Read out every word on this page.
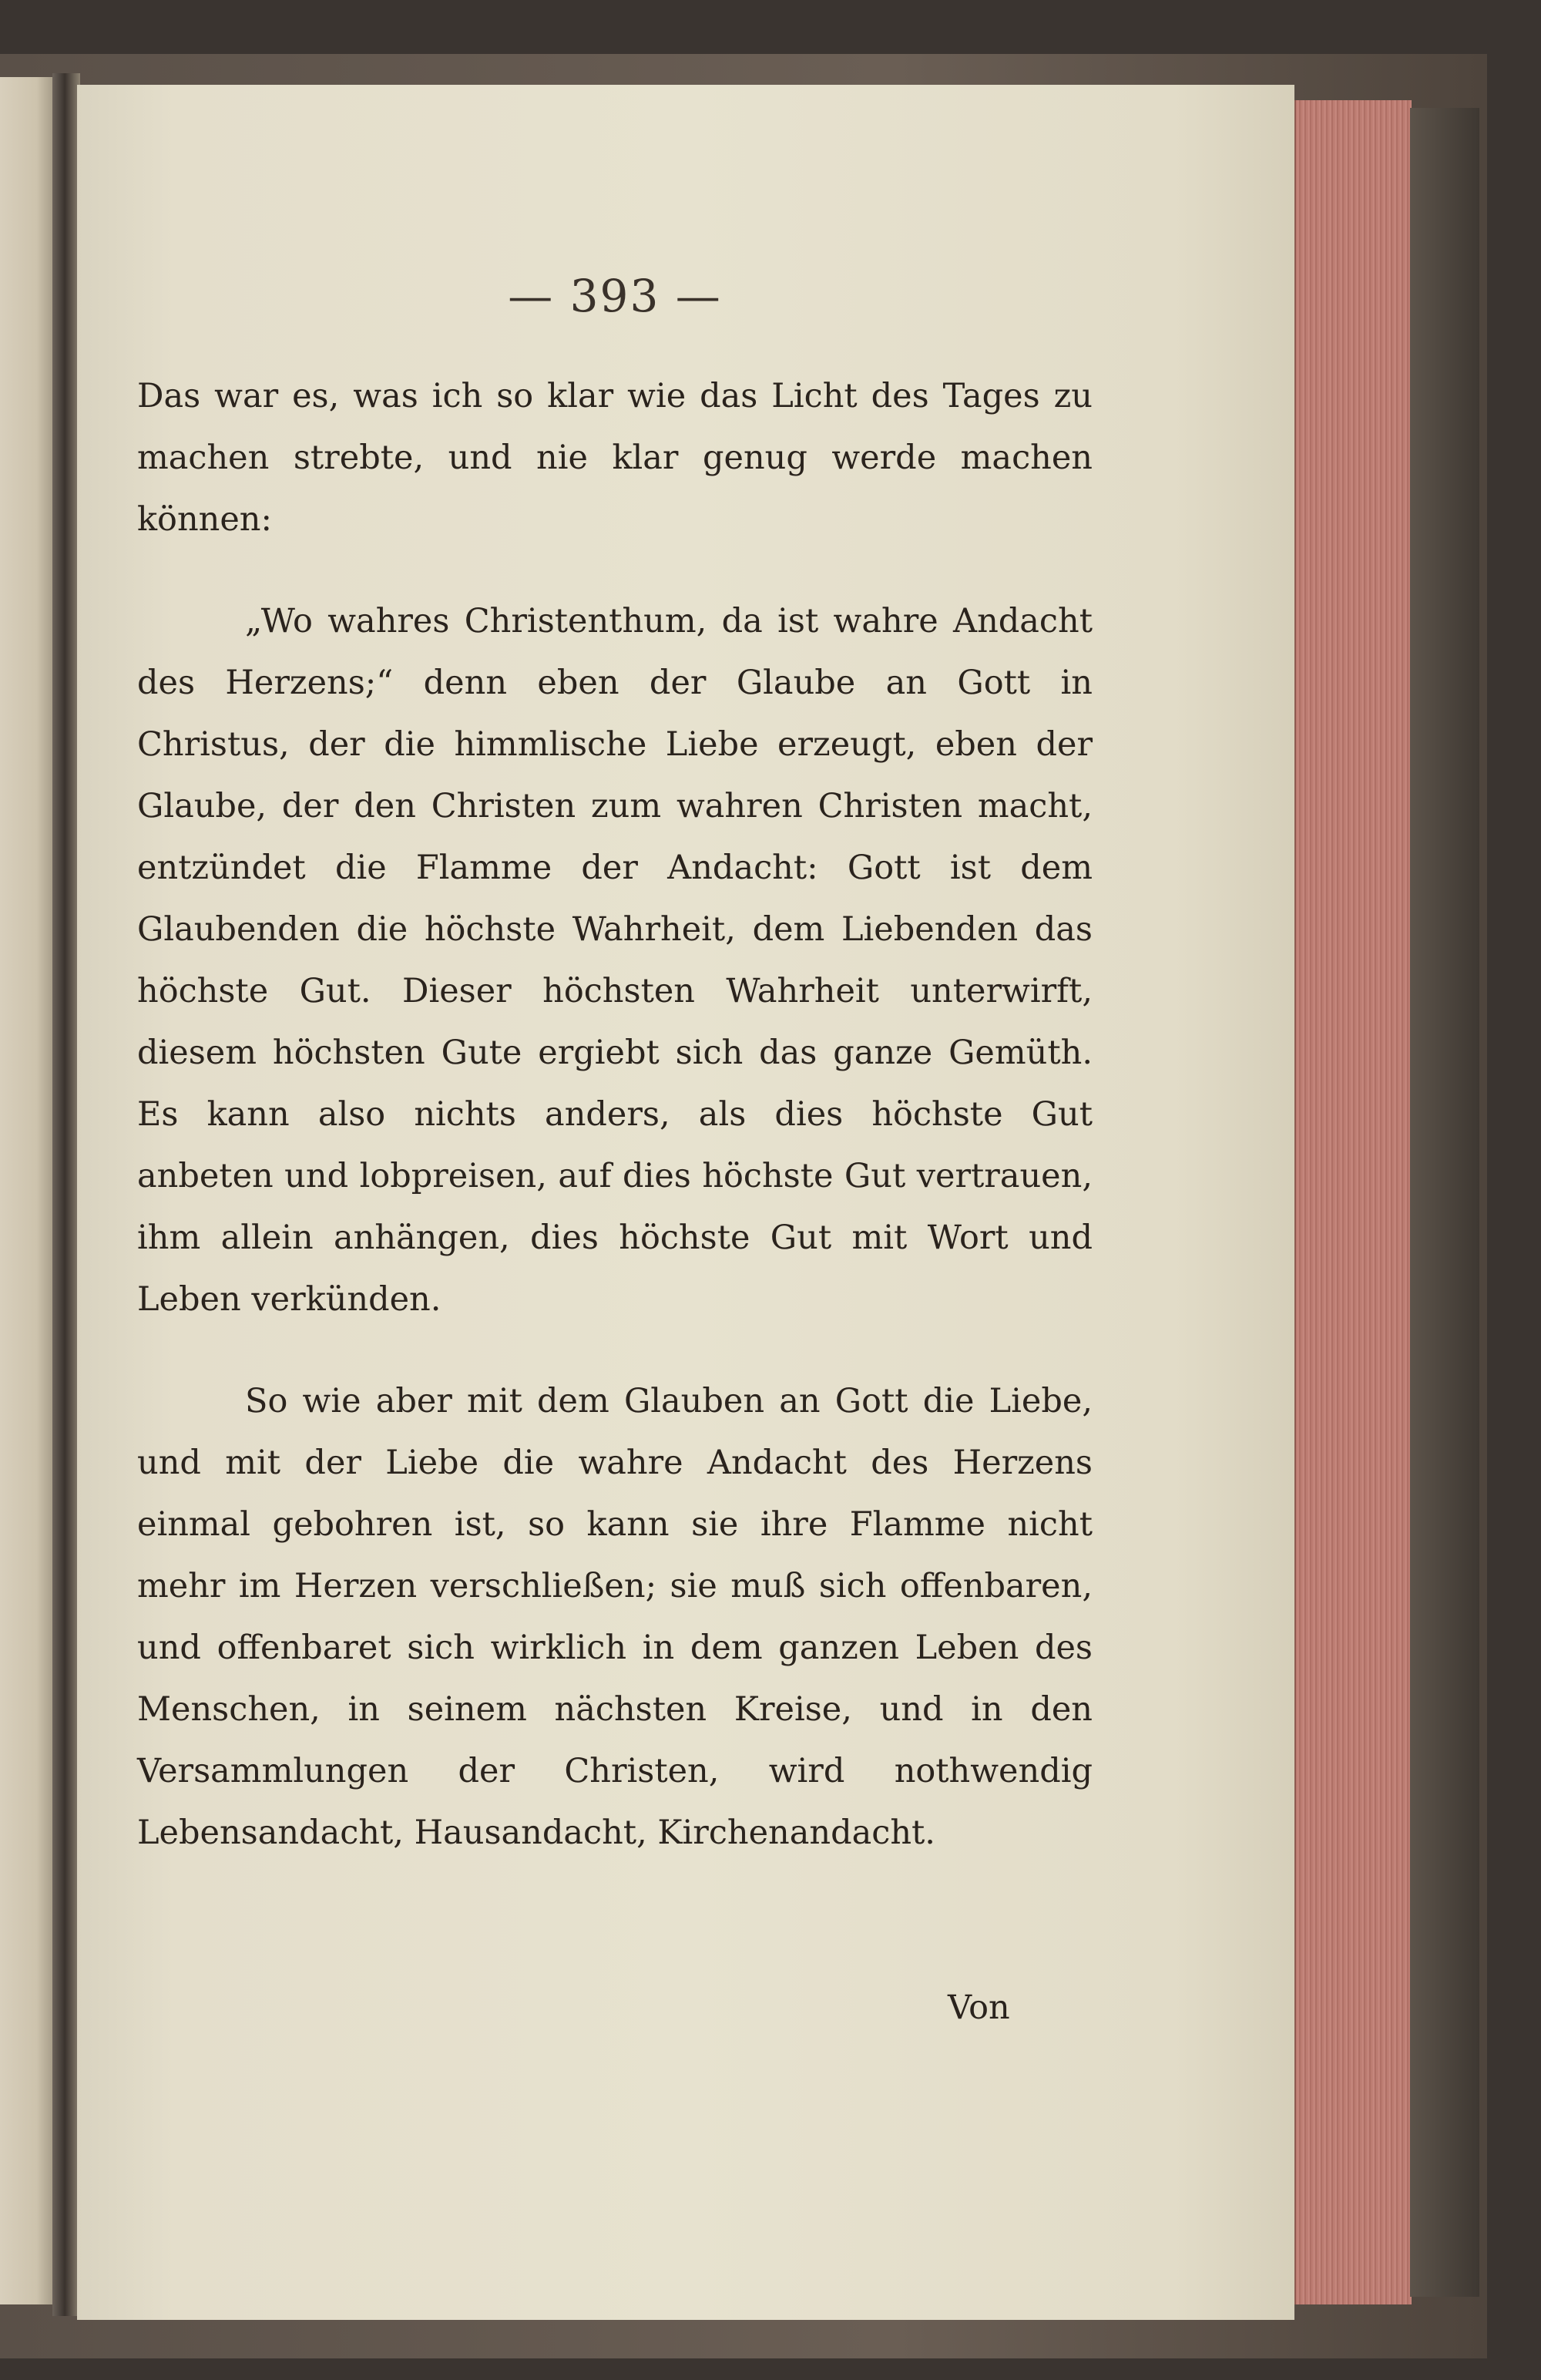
— 393 —

Das war es, was ich so klar wie das Licht des Tages zu machen strebte, und nie klar genug werde machen können:

„Wo wahres Christenthum, da ist wahre Andacht des Herzens;“ denn eben der Glaube an Gott in Christus, der die himmlische Liebe erzeugt, eben der Glaube, der den Christen zum wahren Christen macht, entzündet die Flamme der Andacht: Gott ist dem Glaubenden die höchste Wahrheit, dem Liebenden das höchste Gut. Dieser höchsten Wahrheit unterwirft, diesem höchsten Gute ergiebt sich das ganze Gemüth. Es kann also nichts anders, als dies höchste Gut anbeten und lobpreisen, auf dies höchste Gut vertrauen, ihm allein anhängen, dies höchste Gut mit Wort und Leben verkünden.

So wie aber mit dem Glauben an Gott die Liebe, und mit der Liebe die wahre Andacht des Herzens einmal gebohren ist, so kann sie ihre Flamme nicht mehr im Herzen verschließen; sie muß sich offenbaren, und offenbaret sich wirklich in dem ganzen Leben des Menschen, in seinem nächsten Kreise, und in den Versammlungen der Christen, wird nothwendig Lebensandacht, Hausandacht, Kirchenandacht.

Von
